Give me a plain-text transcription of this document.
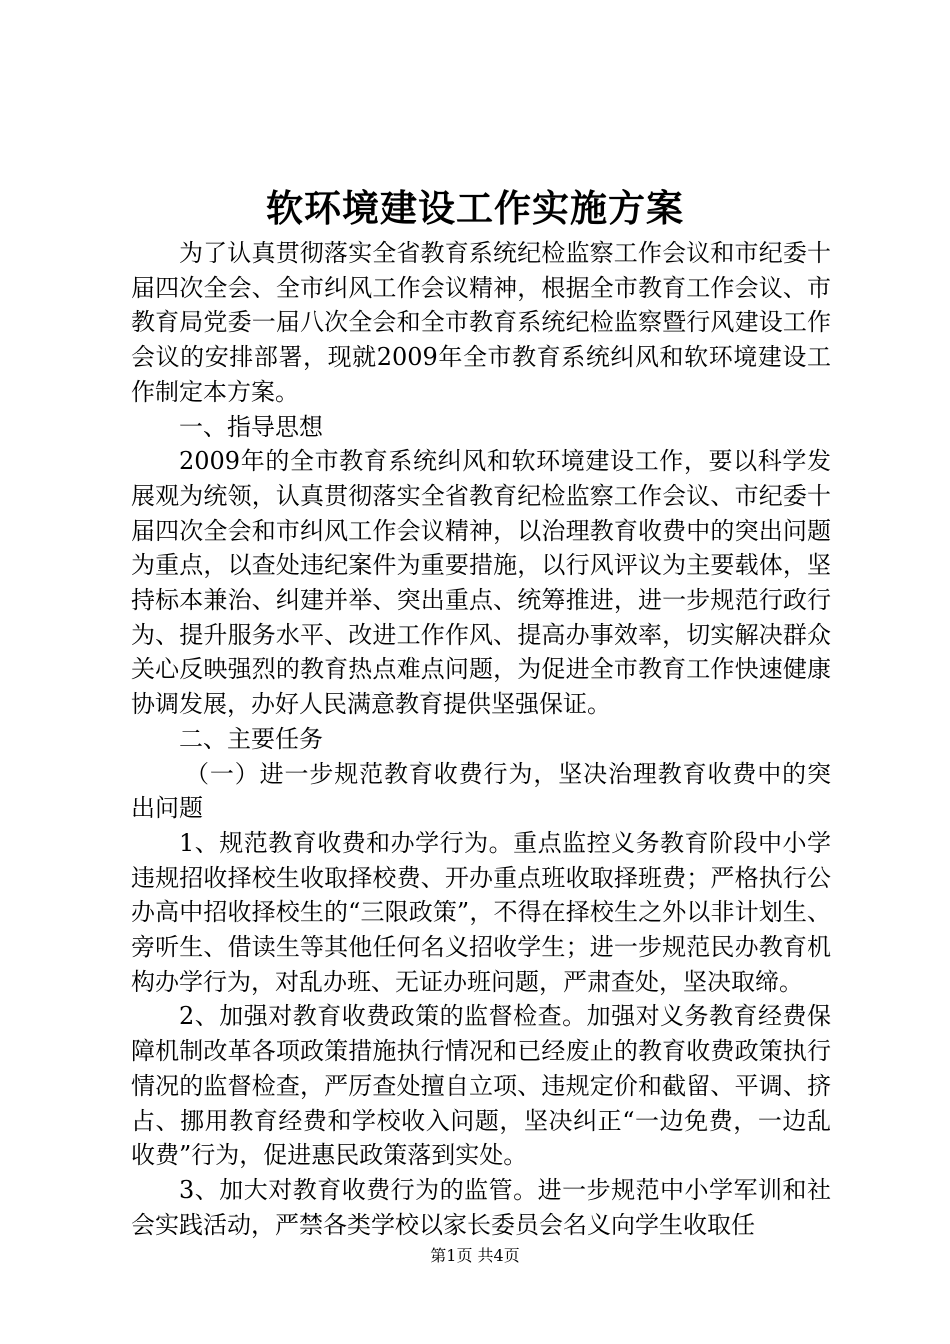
软环境建设工作实施方案

为了认真贯彻落实全省教育系统纪检监察工作会议和市纪委十届四次全会、全市纠风工作会议精神，根据全市教育工作会议、市教育局党委一届八次全会和全市教育系统纪检监察暨行风建设工作会议的安排部署，现就2009年全市教育系统纠风和软环境建设工作制定本方案。

一、指导思想

2009年的全市教育系统纠风和软环境建设工作，要以科学发展观为统领，认真贯彻落实全省教育纪检监察工作会议、市纪委十届四次全会和市纠风工作会议精神，以治理教育收费中的突出问题为重点，以查处违纪案件为重要措施，以行风评议为主要载体，坚持标本兼治、纠建并举、突出重点、统筹推进，进一步规范行政行为、提升服务水平、改进工作作风、提高办事效率，切实解决群众关心反映强烈的教育热点难点问题，为促进全市教育工作快速健康协调发展，办好人民满意教育提供坚强保证。

二、主要任务

（一）进一步规范教育收费行为，坚决治理教育收费中的突出问题

1、规范教育收费和办学行为。重点监控义务教育阶段中小学违规招收择校生收取择校费、开办重点班收取择班费；严格执行公办高中招收择校生的“三限政策”，不得在择校生之外以非计划生、旁听生、借读生等其他任何名义招收学生；进一步规范民办教育机构办学行为，对乱办班、无证办班问题，严肃查处，坚决取缔。

2、加强对教育收费政策的监督检查。加强对义务教育经费保障机制改革各项政策措施执行情况和已经废止的教育收费政策执行情况的监督检查，严厉查处擅自立项、违规定价和截留、平调、挤占、挪用教育经费和学校收入问题，坚决纠正“一边免费，一边乱收费”行为，促进惠民政策落到实处。

3、加大对教育收费行为的监管。进一步规范中小学军训和社会实践活动，严禁各类学校以家长委员会名义向学生收取任

第1页 共4页
